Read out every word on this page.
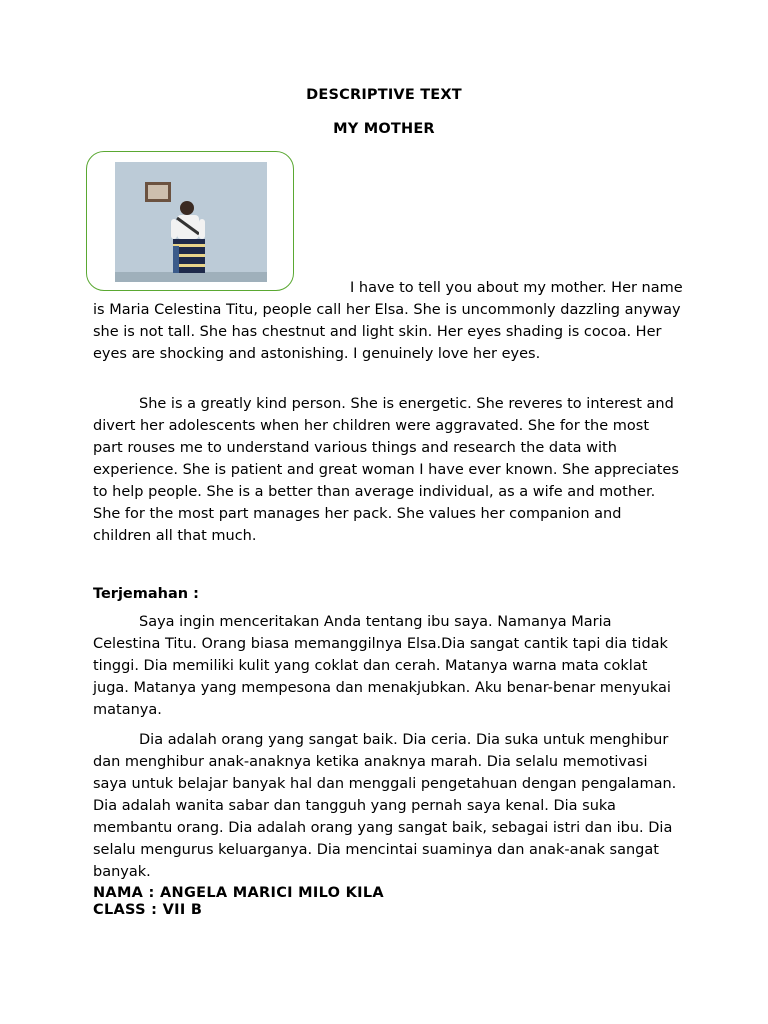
DESCRIPTIVE TEXT
MY MOTHER

I have to tell you about my mother. Her name is Maria Celestina Titu, people call her Elsa. She is uncommonly dazzling anyway she is not tall. She has chestnut and light skin. Her eyes shading is cocoa. Her eyes are shocking and astonishing. I genuinely love her eyes.

She is a greatly kind person. She is energetic. She reveres to interest and divert her adolescents when her children were aggravated. She for the most part rouses me to understand various things and research the data with experience. She is patient and great woman I have ever known. She appreciates to help people. She is a better than average individual, as a wife and mother. She for the most part manages her pack. She values her companion and children all that much.

Terjemahan :

Saya ingin menceritakan Anda tentang ibu saya. Namanya Maria Celestina Titu. Orang biasa memanggilnya Elsa.Dia sangat cantik tapi dia tidak tinggi. Dia memiliki kulit yang coklat dan cerah. Matanya warna mata coklat juga. Matanya yang mempesona dan menakjubkan. Aku benar-benar menyukai matanya.

Dia adalah orang yang sangat baik. Dia ceria. Dia suka untuk menghibur dan menghibur anak-anaknya ketika anaknya marah. Dia selalu memotivasi saya untuk belajar banyak hal dan menggali pengetahuan dengan pengalaman. Dia adalah wanita sabar dan tangguh yang pernah saya kenal. Dia suka membantu orang. Dia adalah orang yang sangat baik, sebagai istri dan ibu. Dia selalu mengurus keluarganya. Dia mencintai suaminya dan anak-anak sangat banyak.

NAMA : ANGELA MARICI MILO KILA
CLASS : VII B
